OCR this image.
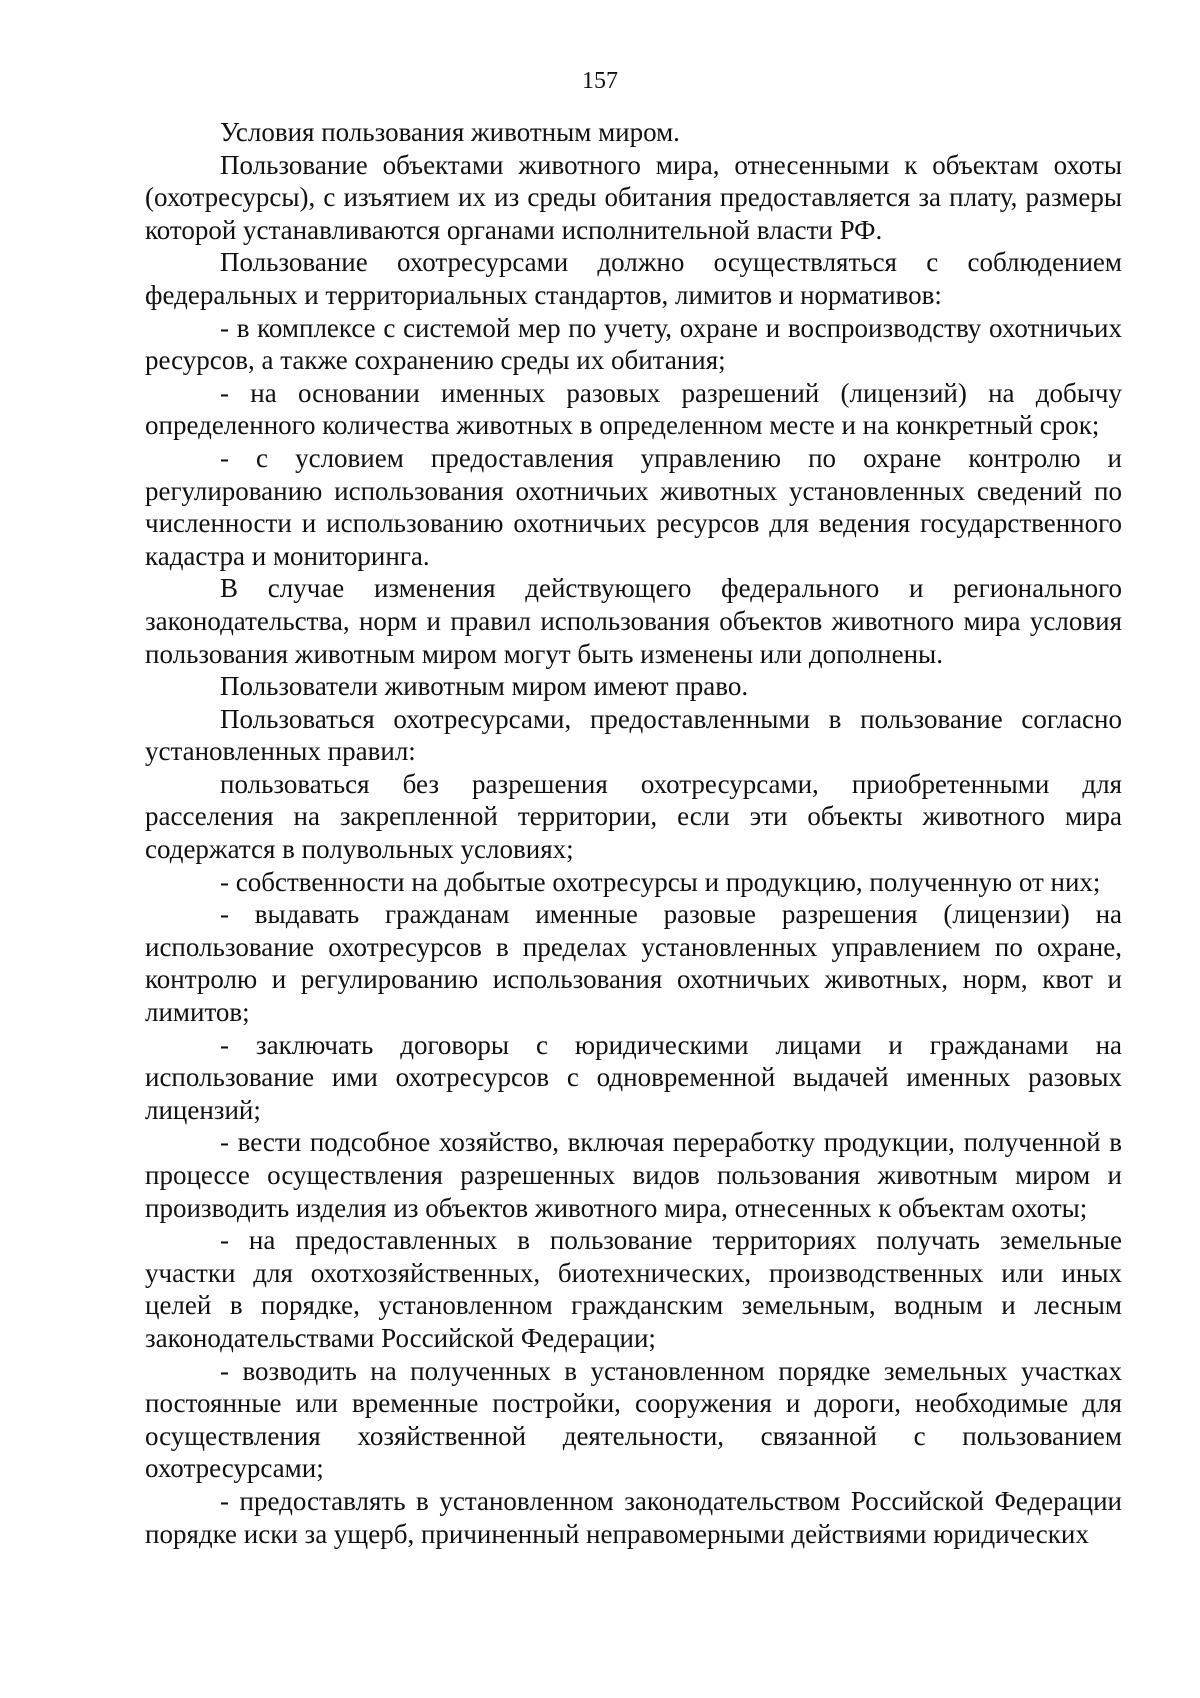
157

Условия пользования животным миром.

Пользование объектами животного мира, отнесенными к объектам охоты (охотресурсы), с изъятием их из среды обитания предоставляется за плату, размеры которой устанавливаются органами исполнительной власти РФ.

Пользование охотресурсами должно осуществляться с соблюдением федеральных и территориальных стандартов, лимитов и нормативов:

- в комплексе с системой мер по учету, охране и воспроизводству охотничьих ресурсов, а также сохранению среды их обитания;

- на основании именных разовых разрешений (лицензий) на добычу определенного количества животных в определенном месте и на конкретный срок;

- с условием предоставления управлению по охране контролю и регулированию использования охотничьих животных установленных сведений по численности и использованию охотничьих ресурсов для ведения государственного кадастра и мониторинга.

В случае изменения действующего федерального и регионального законодательства, норм и правил использования объектов животного мира условия пользования животным миром могут быть изменены или дополнены.

Пользователи животным миром имеют право.

Пользоваться охотресурсами, предоставленными в пользование согласно установленных правил:

пользоваться без разрешения охотресурсами, приобретенными для расселения на закрепленной территории, если эти объекты животного мира содержатся в полувольных условиях;

- собственности на добытые охотресурсы и продукцию, полученную от них;

- выдавать гражданам именные разовые разрешения (лицензии) на использование охотресурсов в пределах установленных управлением по охране, контролю и регулированию использования охотничьих животных, норм, квот и лимитов;

- заключать договоры с юридическими лицами и гражданами на использование ими охотресурсов с одновременной выдачей именных разовых лицензий;

- вести подсобное хозяйство, включая переработку продукции, полученной в процессе осуществления разрешенных видов пользования животным миром и производить изделия из объектов животного мира, отнесенных к объектам охоты;

- на предоставленных в пользование территориях получать земельные участки для охотхозяйственных, биотехнических, производственных или иных целей в порядке, установленном гражданским земельным, водным и лесным законодательствами Российской Федерации;

- возводить на полученных в установленном порядке земельных участках постоянные или временные постройки, сооружения и дороги, необходимые для осуществления хозяйственной деятельности, связанной с пользованием охотресурсами;

- предоставлять в установленном законодательством Российской Федерации порядке иски за ущерб, причиненный неправомерными действиями юридических
